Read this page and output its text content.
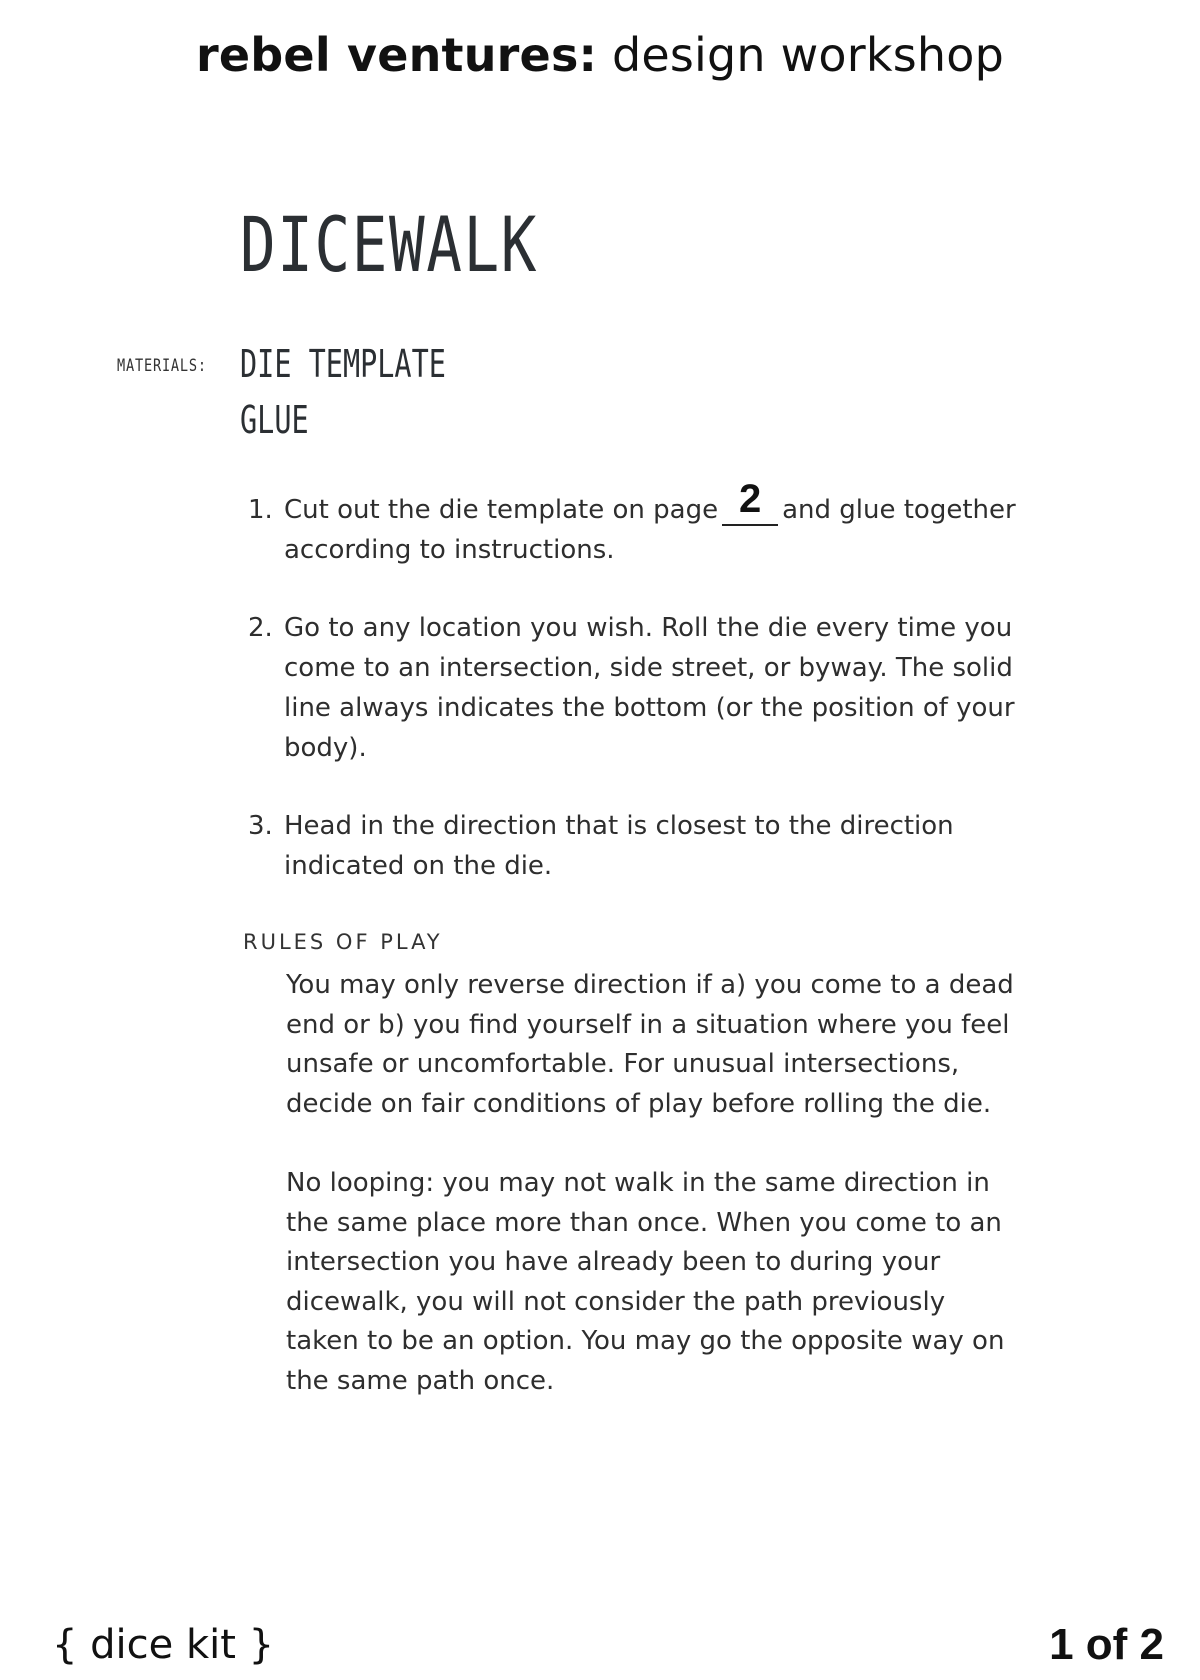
rebel ventures: design workshop
DICEWALK
MATERIALS: DIE TEMPLATE
GLUE
1. Cut out the die template on page 2 and glue together according to instructions.
2. Go to any location you wish. Roll the die every time you come to an intersection, side street, or byway. The solid line always indicates the bottom (or the position of your body).
3. Head in the direction that is closest to the direction indicated on the die.
RULES OF PLAY

You may only reverse direction if a) you come to a dead end or b) you find yourself in a situation where you feel unsafe or uncomfortable. For unusual intersections, decide on fair conditions of play before rolling the die.

No looping: you may not walk in the same direction in the same place more than once. When you come to an intersection you have already been to during your dicewalk, you will not consider the path previously taken to be an option. You may go the opposite way on the same path once.

{ dice kit }	1 of 2
